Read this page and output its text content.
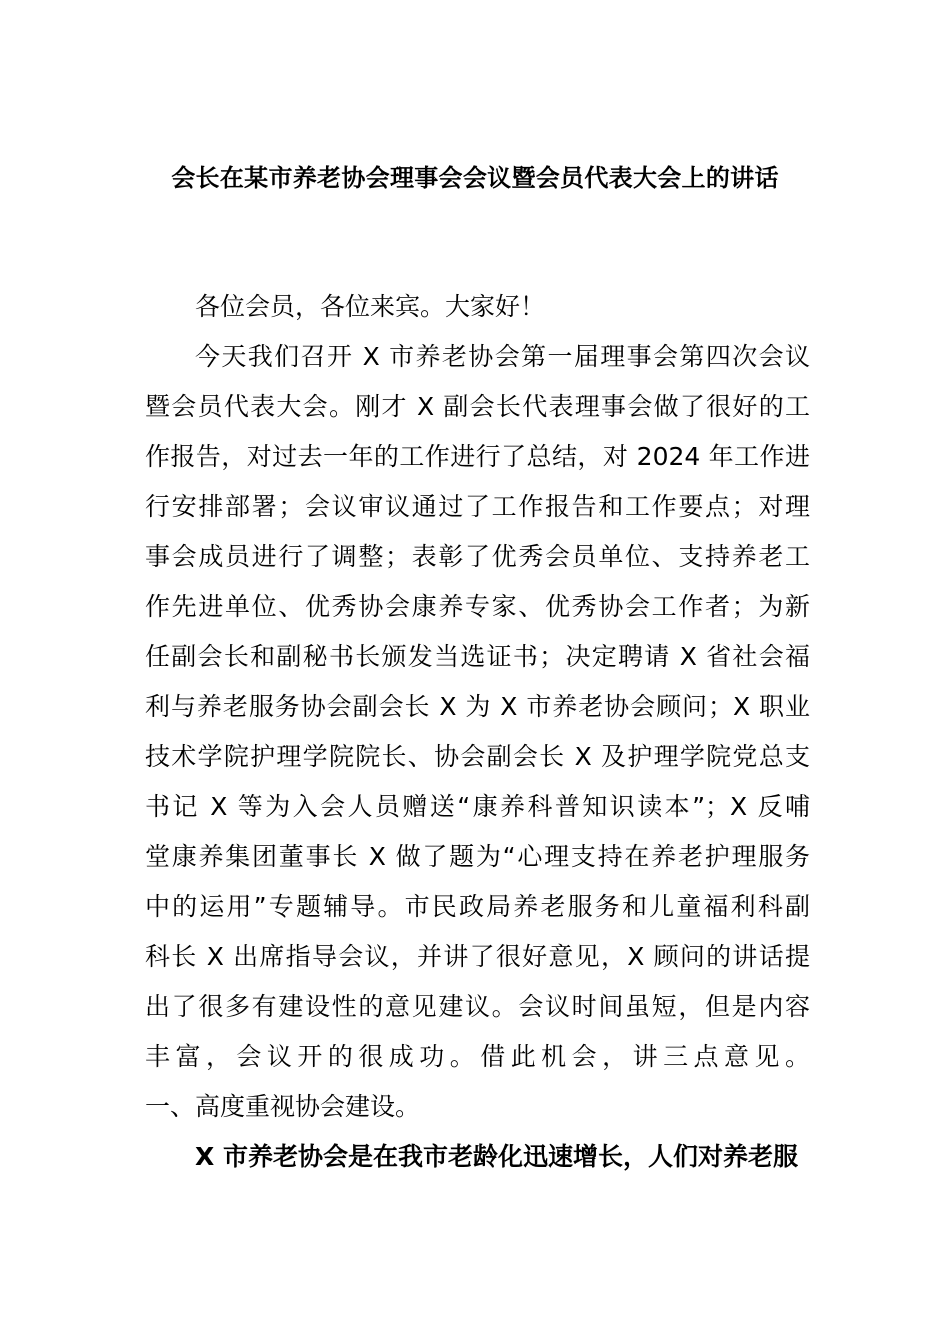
会长在某市养老协会理事会会议暨会员代表大会上的讲话
各位会员，各位来宾。大家好！
今天我们召开 X 市养老协会第一届理事会第四次会议
暨会员代表大会。刚才 X 副会长代表理事会做了很好的工
作报告，对过去一年的工作进行了总结，对 2024 年工作进
行安排部署；会议审议通过了工作报告和工作要点；对理
事会成员进行了调整；表彰了优秀会员单位、支持养老工
作先进单位、优秀协会康养专家、优秀协会工作者；为新
任副会长和副秘书长颁发当选证书；决定聘请 X 省社会福
利与养老服务协会副会长 X 为 X 市养老协会顾问；X 职业
技术学院护理学院院长、协会副会长 X 及护理学院党总支
书记 X 等为入会人员赠送“康养科普知识读本”；X 反哺
堂康养集团董事长 X 做了题为“心理支持在养老护理服务
中的运用”专题辅导。市民政局养老服务和儿童福利科副
科长 X 出席指导会议，并讲了很好意见，X 顾问的讲话提
出了很多有建设性的意见建议。会议时间虽短，但是内容
丰富，会议开的很成功。借此机会，讲三点意见。
一、高度重视协会建设。
X 市养老协会是在我市老龄化迅速增长，人们对养老服
